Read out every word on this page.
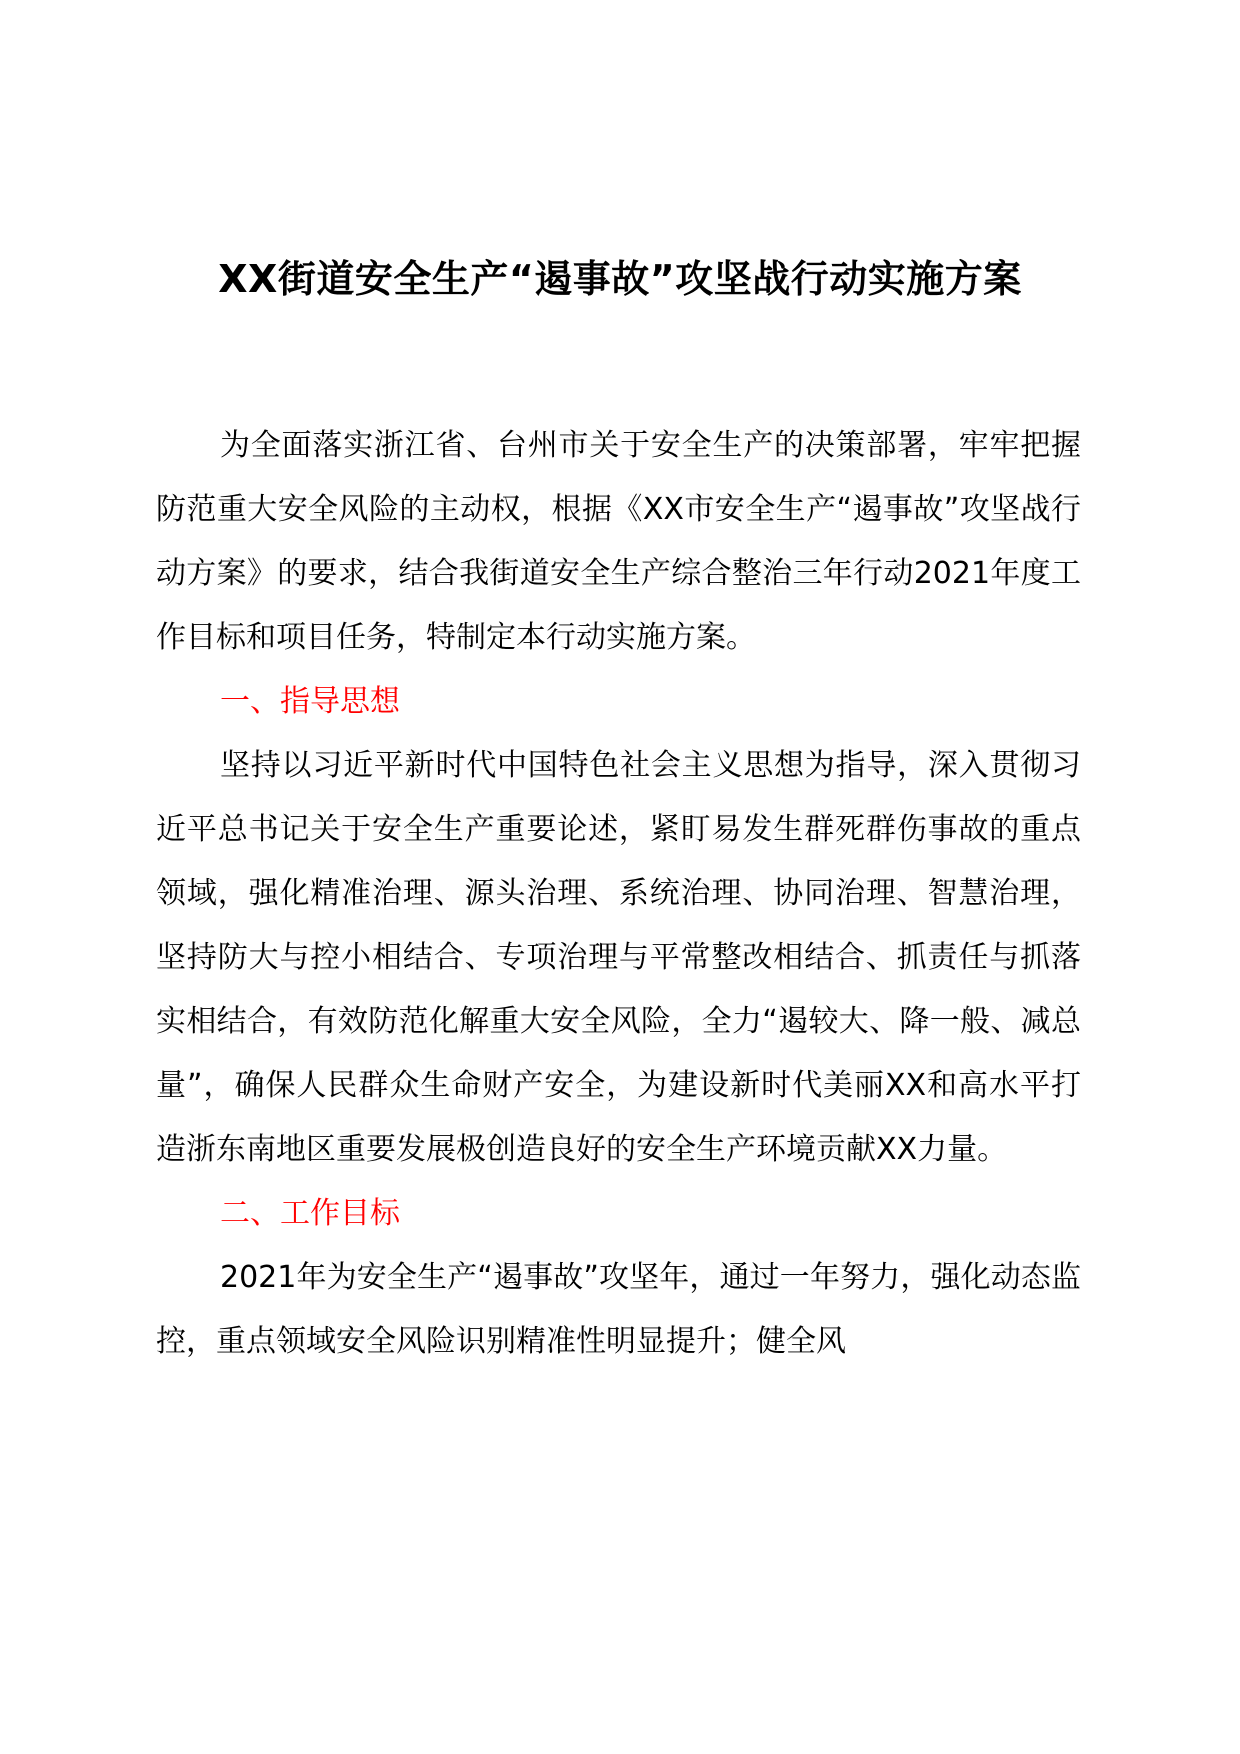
XX街道安全生产“遏事故”攻坚战行动实施方案

为全面落实浙江省、台州市关于安全生产的决策部署，牢牢把握防范重大安全风险的主动权，根据《XX市安全生产“遏事故”攻坚战行动方案》的要求，结合我街道安全生产综合整治三年行动2021年度工作目标和项目任务，特制定本行动实施方案。

一、指导思想

坚持以习近平新时代中国特色社会主义思想为指导，深入贯彻习近平总书记关于安全生产重要论述，紧盯易发生群死群伤事故的重点领域，强化精准治理、源头治理、系统治理、协同治理、智慧治理，坚持防大与控小相结合、专项治理与平常整改相结合、抓责任与抓落实相结合，有效防范化解重大安全风险，全力“遏较大、降一般、减总量”，确保人民群众生命财产安全，为建设新时代美丽XX和高水平打造浙东南地区重要发展极创造良好的安全生产环境贡献XX力量。

二、工作目标

2021年为安全生产“遏事故”攻坚年，通过一年努力，强化动态监控，重点领域安全风险识别精准性明显提升；健全风
